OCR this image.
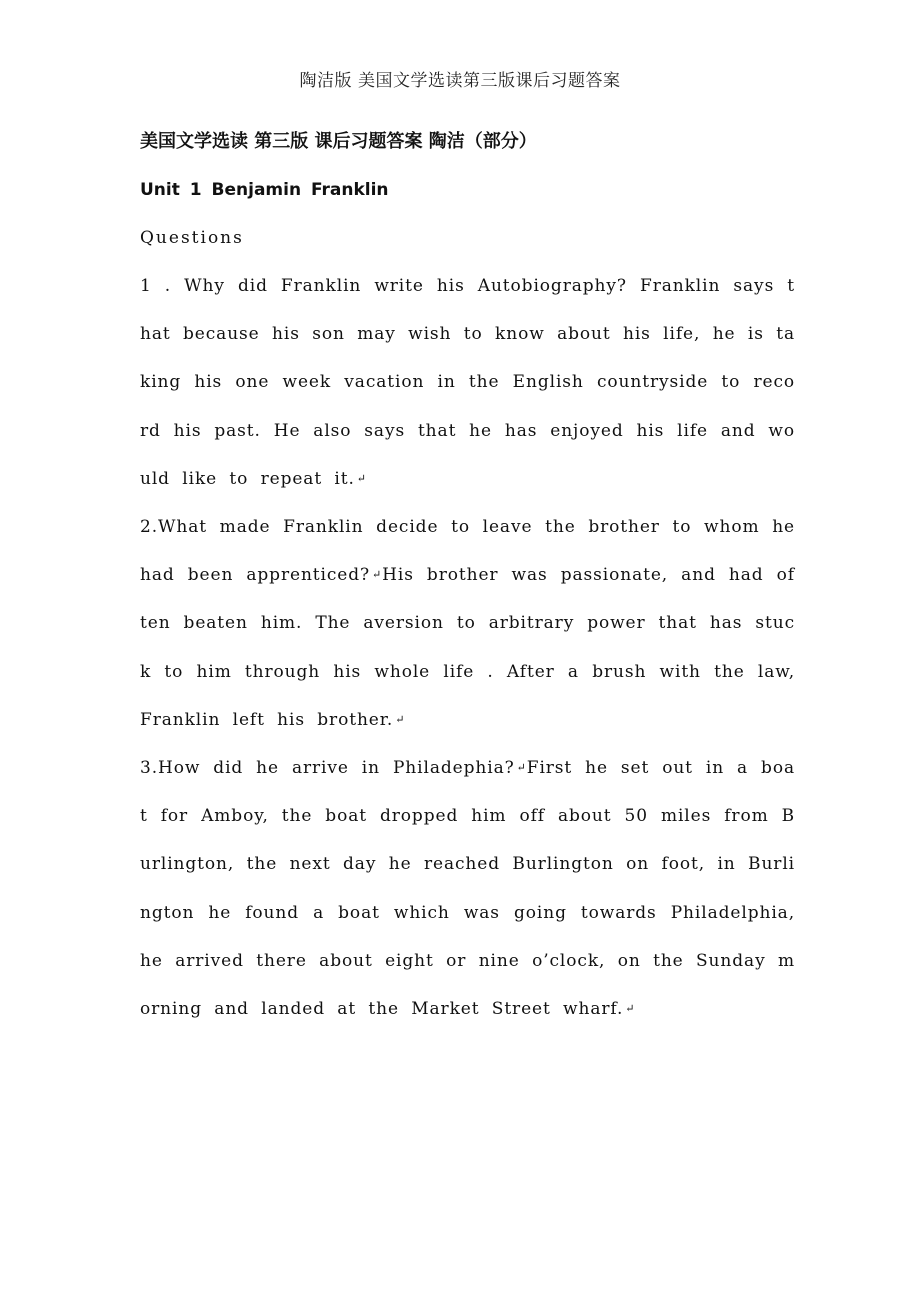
陶洁版 美国文学选读第三版课后习题答案

美国文学选读 第三版 课后习题答案 陶洁（部分）

Unit 1 Benjamin Franklin

Questions

1 . Why did Franklin write his Autobiography? Franklin says that because his son may wish to know about his life, he is taking his one week vacation in the English countryside to record his past. He also says that he has enjoyed his life and would like to repeat it. ↵

2.What made Franklin decide to leave the brother to whom he had been apprenticed? ↵His brother was passionate, and had often beaten him. The aversion to arbitrary power that has stuck to him through his whole life . After a brush with the law, Franklin left his brother. ↵

3.How did he arrive in Philadephia? ↵First he set out in a boat for Amboy, the boat dropped him off about 50 miles from Burlington, the next day he reached Burlington on foot, in Burlington he found a boat which was going towards Philadelphia, he arrived there about eight or nine o’clock, on the Sunday morning and landed at the Market Street wharf. ↵
